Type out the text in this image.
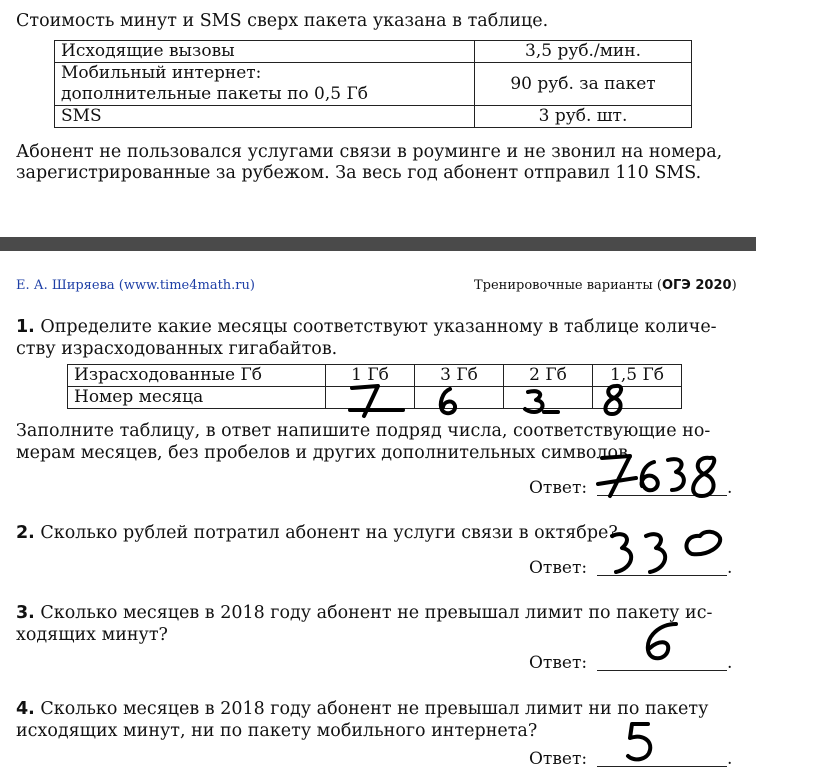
Стоимость минут и SMS сверх пакета указана в таблице.
Исходящие вызовы	3,5 руб./мин.

Мобильный интернет:
дополнительные пакеты по 0,5 Гб	90 руб. за пакет
SMS	3 руб. шт.
Абонент не пользовался услугами связи в роуминге и не звонил на номера,
зарегистрированные за рубежом. За весь год абонент отправил 110 SMS.
Е. А. Ширяева (www.time4math.ru)	Тренировочные варианты (ОГЭ 2020)
1. Определите какие месяцы соответствуют указанному в таблице количе-
ству израсходованных гигабайтов.
Израсходованные Гб	1 Гб	3 Гб	2 Гб	1,5 Гб
Номер месяца				
Заполните таблицу, в ответ напишите подряд числа, соответствующие но-
мерам месяцев, без пробелов и других дополнительных символов.
Ответ:	.
2. Сколько рублей потратил абонент на услуги связи в октябре?
Ответ:	.
3. Сколько месяцев в 2018 году абонент не превышал лимит по пакету ис-
ходящих минут?
Ответ:	.
4. Сколько месяцев в 2018 году абонент не превышал лимит ни по пакету
исходящих минут, ни по пакету мобильного интернета?
Ответ:	.
